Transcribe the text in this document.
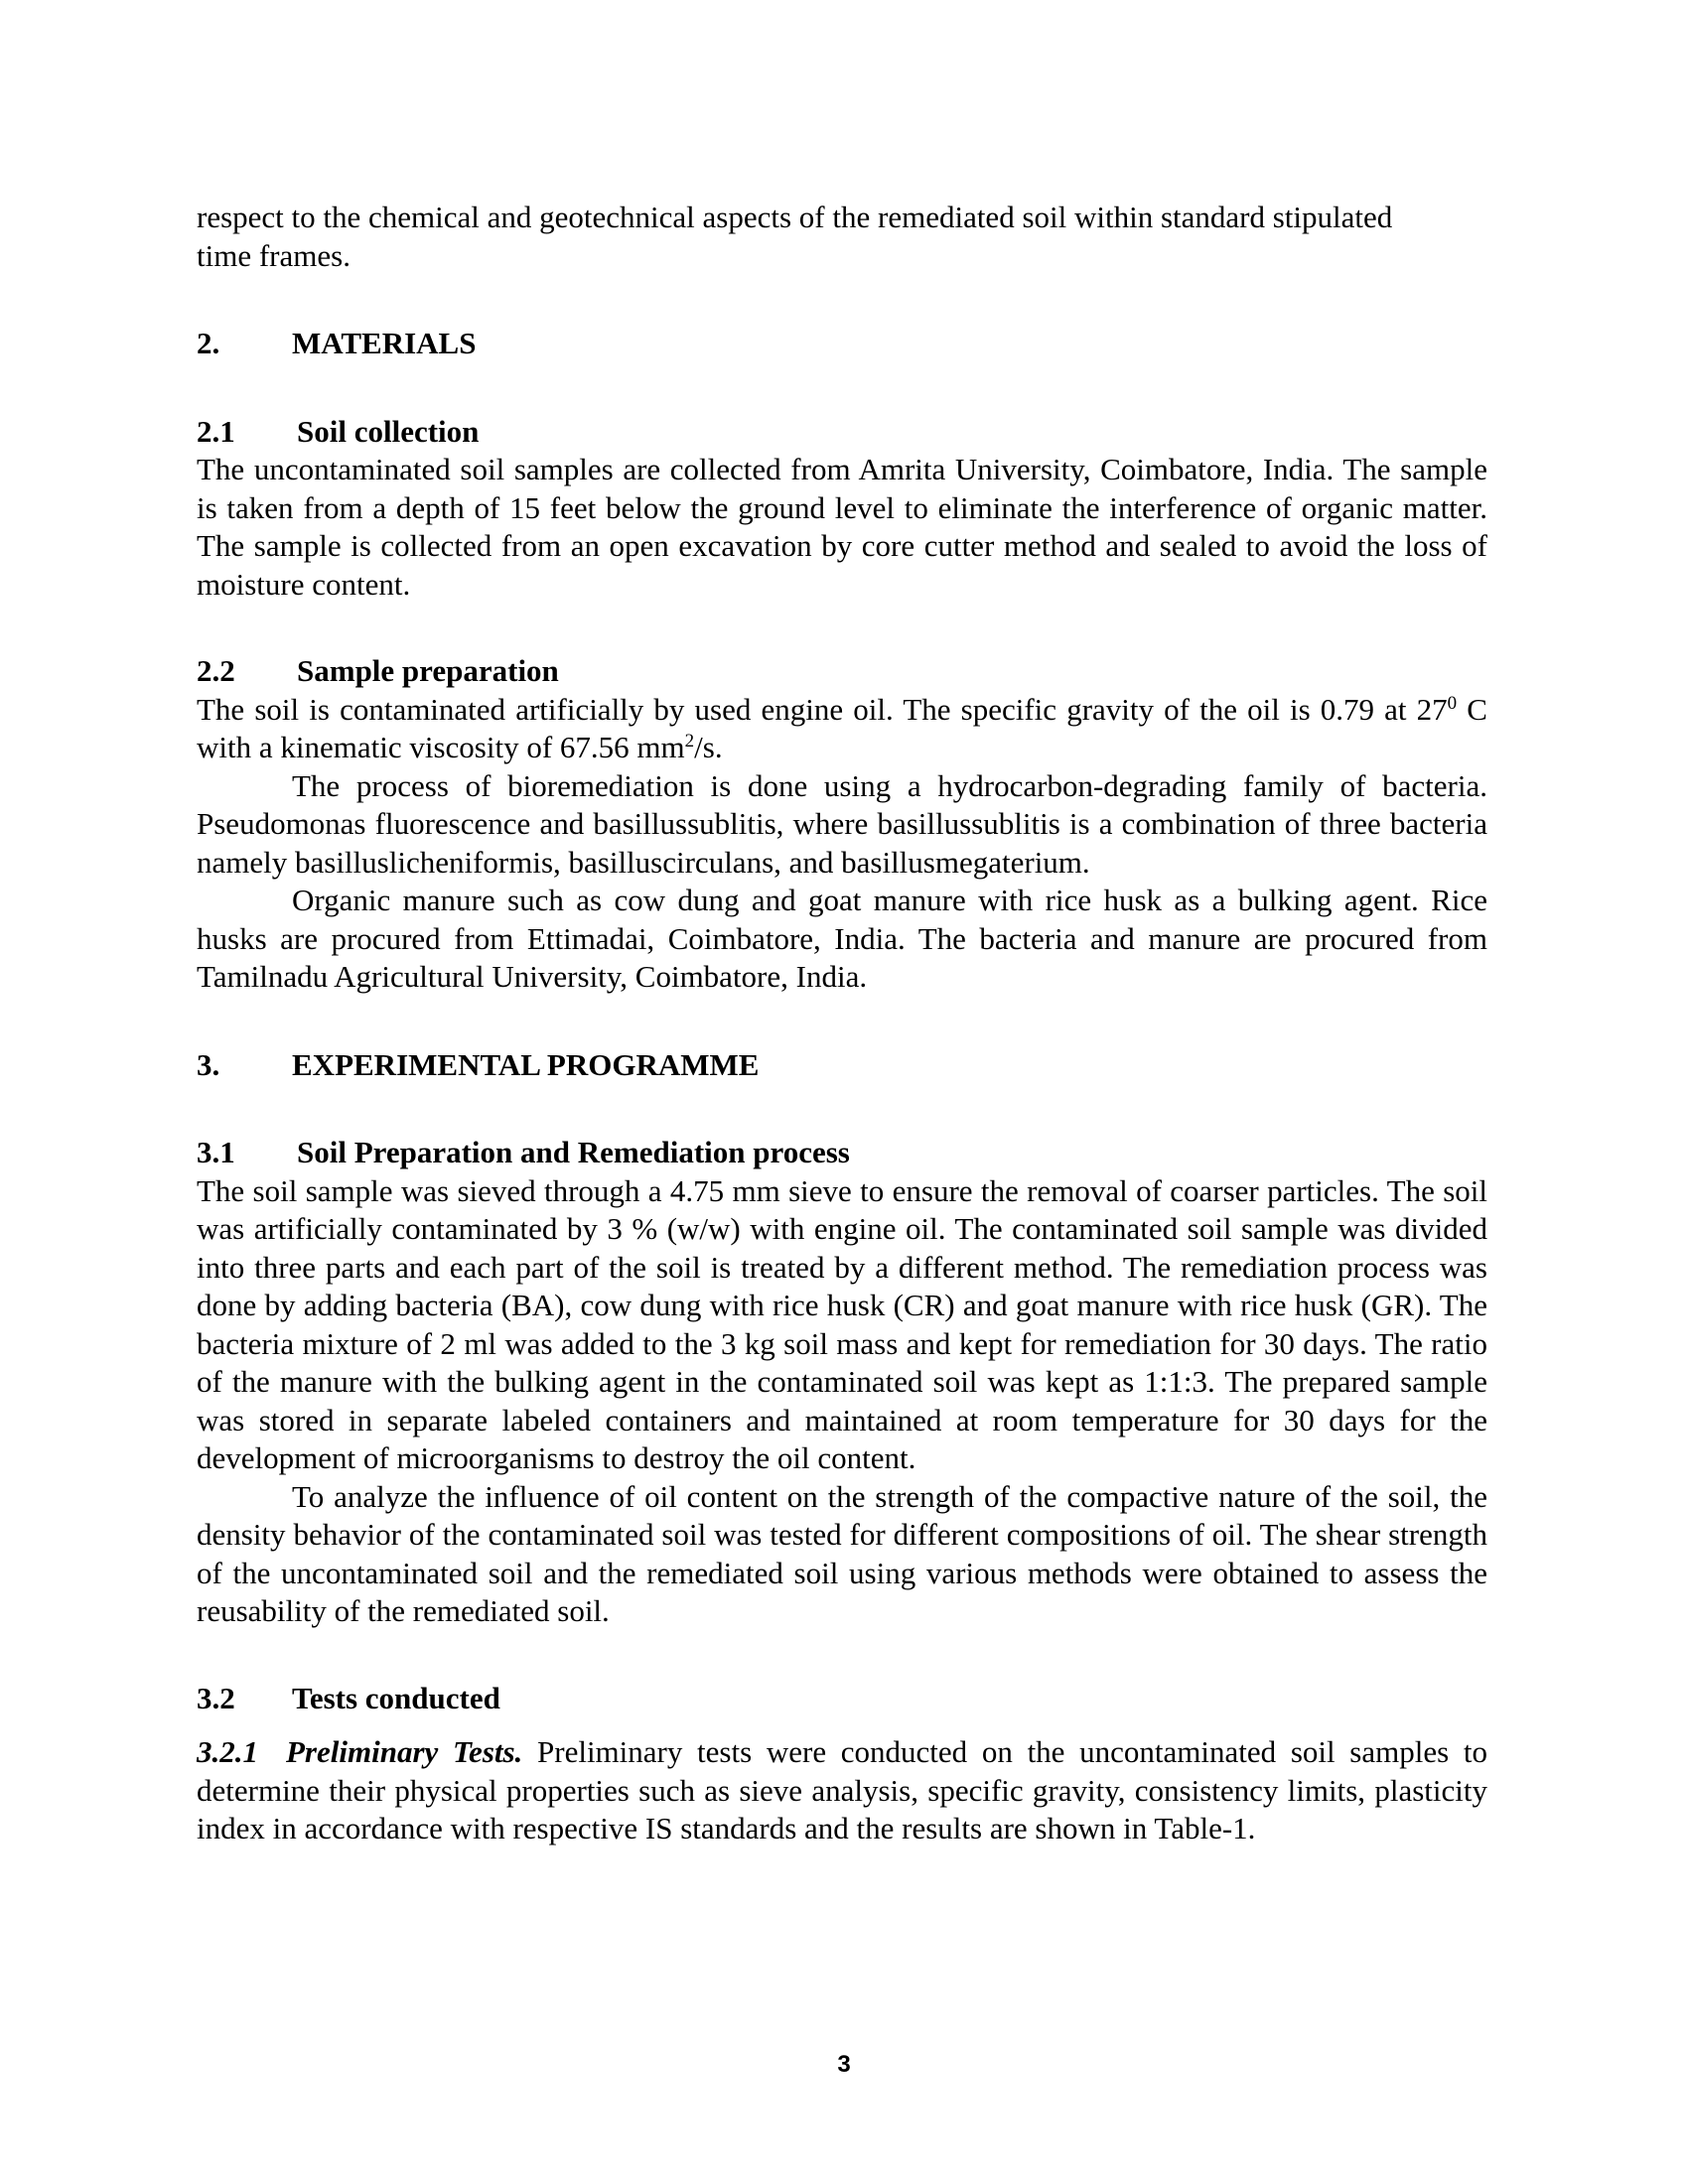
respect to the chemical and geotechnical aspects of the remediated soil within standard stipulated
time frames.

2.	MATERIALS

2.1	Soil collection

The uncontaminated soil samples are collected from Amrita University, Coimbatore, India. The sample is taken from a depth of 15 feet below the ground level to eliminate the interference of organic matter. The sample is collected from an open excavation by core cutter method and sealed to avoid the loss of moisture content.

2.2	Sample preparation

The soil is contaminated artificially by used engine oil. The specific gravity of the oil is 0.79 at $27^0$ C with a kinematic viscosity of 67.56 $mm^2/s$.

The process of bioremediation is done using a hydrocarbon-degrading family of bacteria. Pseudomonas fluorescence and basillussublitis, where basillussublitis is a combination of three bacteria namely basilluslicheniformis, basilluscirculans, and basillusmegaterium.

Organic manure such as cow dung and goat manure with rice husk as a bulking agent. Rice husks are procured from Ettimadai, Coimbatore, India. The bacteria and manure are procured from Tamilnadu Agricultural University, Coimbatore, India.

3.	EXPERIMENTAL PROGRAMME

3.1	Soil Preparation and Remediation process

The soil sample was sieved through a 4.75 mm sieve to ensure the removal of coarser particles. The soil was artificially contaminated by 3 % (w/w) with engine oil. The contaminated soil sample was divided into three parts and each part of the soil is treated by a different method. The remediation process was done by adding bacteria (BA), cow dung with rice husk (CR) and goat manure with rice husk (GR). The bacteria mixture of 2 ml was added to the 3 kg soil mass and kept for remediation for 30 days. The ratio of the manure with the bulking agent in the contaminated soil was kept as 1:1:3. The prepared sample was stored in separate labeled containers and maintained at room temperature for 30 days for the development of microorganisms to destroy the oil content.

To analyze the influence of oil content on the strength of the compactive nature of the soil, the density behavior of the contaminated soil was tested for different compositions of oil. The shear strength of the uncontaminated soil and the remediated soil using various methods were obtained to assess the reusability of the remediated soil.

3.2	Tests conducted

3.2.1 Preliminary Tests. Preliminary tests were conducted on the uncontaminated soil samples to determine their physical properties such as sieve analysis, specific gravity, consistency limits, plasticity index in accordance with respective IS standards and the results are shown in Table-1.

3
